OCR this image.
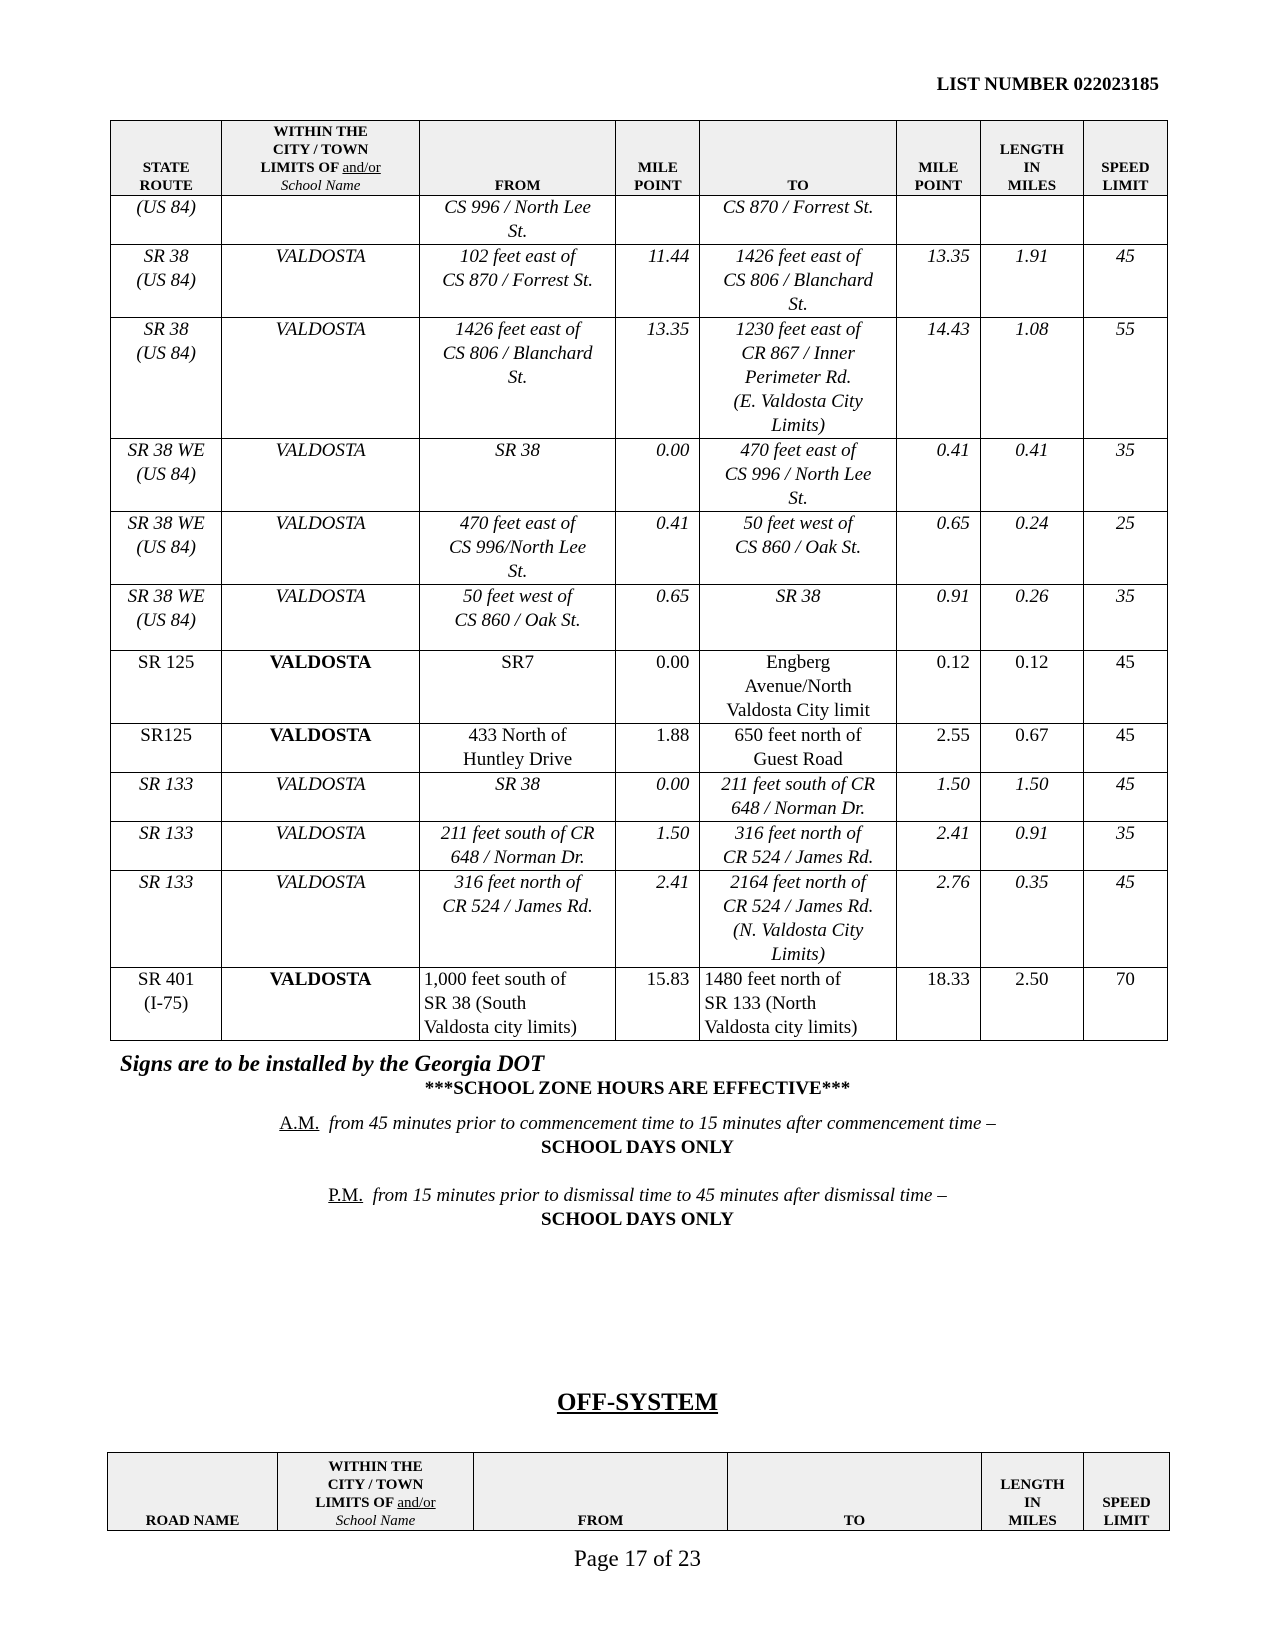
LIST NUMBER 022023185
STATE
ROUTE	WITHIN THE
CITY / TOWN
LIMITS OF and/or
School Name	FROM	MILE
POINT	TO	MILE
POINT	LENGTH
IN
MILES	SPEED
LIMIT
(US 84)		CS 996 / North Lee
St.		CS 870 / Forrest St.			
SR 38
(US 84)	VALDOSTA	102 feet east of
CS 870 / Forrest St.	11.44	1426 feet east of
CS 806 / Blanchard
St.	13.35	1.91	45
SR 38
(US 84)	VALDOSTA	1426 feet east of
CS 806 / Blanchard
St.	13.35	1230 feet east of
CR 867 / Inner
Perimeter Rd.
(E. Valdosta City
Limits)	14.43	1.08	55
SR 38 WE
(US 84)	VALDOSTA	SR 38	0.00	470 feet east of
CS 996 / North Lee
St.	0.41	0.41	35
SR 38 WE
(US 84)	VALDOSTA	470 feet east of
CS 996/North Lee
St.	0.41	50 feet west of
CS 860 / Oak St.	0.65	0.24	25
SR 38 WE
(US 84)	VALDOSTA	50 feet west of
CS 860 / Oak St.	0.65	SR 38	0.91	0.26	35
SR 125	VALDOSTA	SR7	0.00	Engberg
Avenue/North
Valdosta City limit	0.12	0.12	45
SR125	VALDOSTA	433 North of
Huntley Drive	1.88	650 feet north of
Guest Road	2.55	0.67	45
SR 133	VALDOSTA	SR 38	0.00	211 feet south of CR
648 / Norman Dr.	1.50	1.50	45
SR 133	VALDOSTA	211 feet south of CR
648 / Norman Dr.	1.50	316 feet north of
CR 524 / James Rd.	2.41	0.91	35
SR 133	VALDOSTA	316 feet north of
CR 524 / James Rd.	2.41	2164 feet north of
CR 524 / James Rd.
(N. Valdosta City
Limits)	2.76	0.35	45
SR 401
(I-75)	VALDOSTA	1,000 feet south of
SR 38 (South
Valdosta city limits)	15.83	1480 feet north of
SR 133 (North
Valdosta city limits)	18.33	2.50	70
Signs are to be installed by the Georgia DOT
***SCHOOL ZONE HOURS ARE EFFECTIVE***
A.M. from 45 minutes prior to commencement time to 15 minutes after commencement time –
SCHOOL DAYS ONLY
P.M. from 15 minutes prior to dismissal time to 45 minutes after dismissal time –
SCHOOL DAYS ONLY
OFF-SYSTEM
ROAD NAME	WITHIN THE
CITY / TOWN
LIMITS OF and/or
School Name	FROM	TO	LENGTH
IN
MILES	SPEED
LIMIT
Page 17 of 23
